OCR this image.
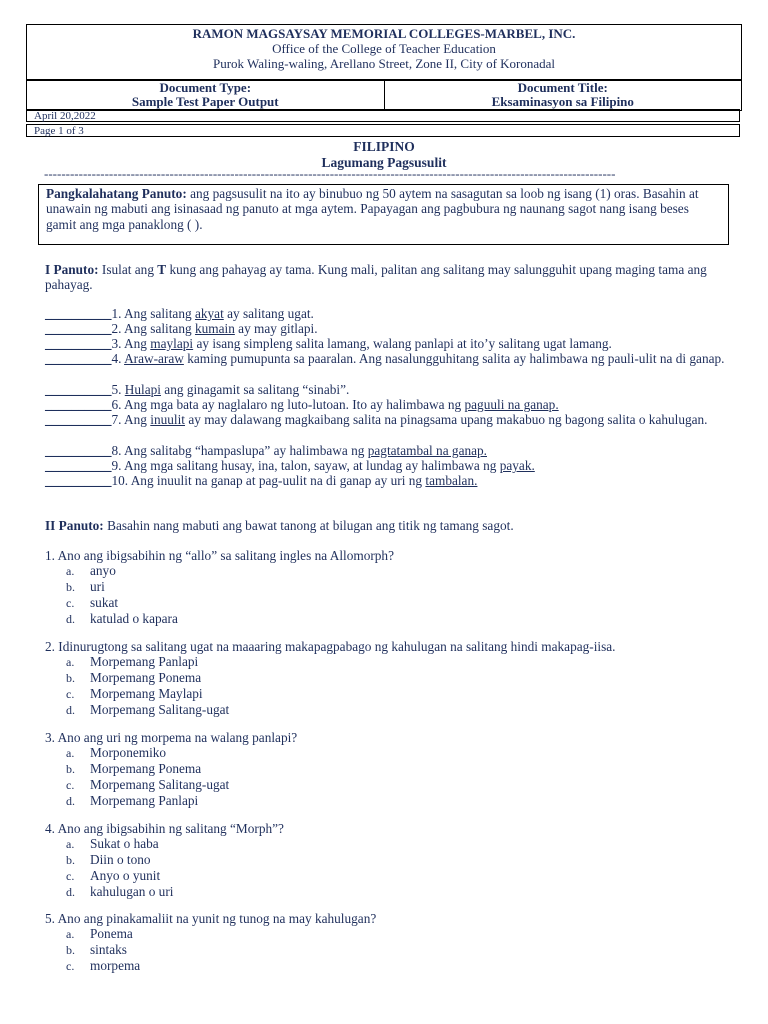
RAMON MAGSAYSAY MEMORIAL COLLEGES-MARBEL, INC.
Office of the College of Teacher Education
Purok Waling-waling, Arellano Street, Zone II, City of Koronadal
Document Type:
Sample Test Paper Output
Document Title:
Eksaminasyon sa Filipino
April 20,2022
Page 1 of 3
FILIPINO
Lagumang Pagsusulit
------------------------------------------------------------------------------------------------------------------------------------
Pangkalahatang Panuto: ang pagsusulit na ito ay binubuo ng 50 aytem na sasagutan sa loob ng isang (1) oras. Basahin at unawain ng mabuti ang isinasaad ng panuto at mga aytem. Papayagan ang pagbubura ng naunang sagot nang isang beses gamit ang mga panaklong ( ).
I Panuto: Isulat ang T kung ang pahayag ay tama. Kung mali, palitan ang salitang may salungguhit upang maging tama ang pahayag.
__________1. Ang salitang akyat ay salitang ugat.
__________2. Ang salitang kumain ay may gitlapi.
__________3. Ang maylapi ay isang simpleng salita lamang, walang panlapi at ito’y salitang ugat lamang.
__________4. Araw-araw kaming pumupunta sa paaralan. Ang nasalungguhitang salita ay halimbawa ng pauli-ulit na di ganap.
__________5. Hulapi ang ginagamit sa salitang “sinabi”.
__________6. Ang mga bata ay naglalaro ng luto-lutoan. Ito ay halimbawa ng paguuli na ganap.
__________7. Ang inuulit ay may dalawang magkaibang salita na pinagsama upang makabuo ng bagong salita o kahulugan.
__________8. Ang salitabg “hampaslupa” ay halimbawa ng pagtatambal na ganap.
__________9. Ang mga salitang husay, ina, talon, sayaw, at lundag ay halimbawa ng payak.
__________10. Ang inuulit na ganap at pag-uulit na di ganap ay uri ng tambalan.
II Panuto: Basahin nang mabuti ang bawat tanong at bilugan ang titik ng tamang sagot.
1. Ano ang ibigsabihin ng “allo” sa salitang ingles na Allomorph?
a. anyo
b. uri
c. sukat
d. katulad o kapara
2. Idinurugtong sa salitang ugat na maaaring makapagpabago ng kahulugan na salitang hindi makapag-iisa.
a. Morpemang Panlapi
b. Morpemang Ponema
c. Morpemang Maylapi
d. Morpemang Salitang-ugat
3. Ano ang uri ng morpema na walang panlapi?
a. Morponemiko
b. Morpemang Ponema
c. Morpemang Salitang-ugat
d. Morpemang Panlapi
4. Ano ang ibigsabihin ng salitang “Morph”?
a. Sukat o haba
b. Diin o tono
c. Anyo o yunit
d. kahulugan o uri
5. Ano ang pinakamaliit na yunit ng tunog na may kahulugan?
a. Ponema
b. sintaks
c. morpema
